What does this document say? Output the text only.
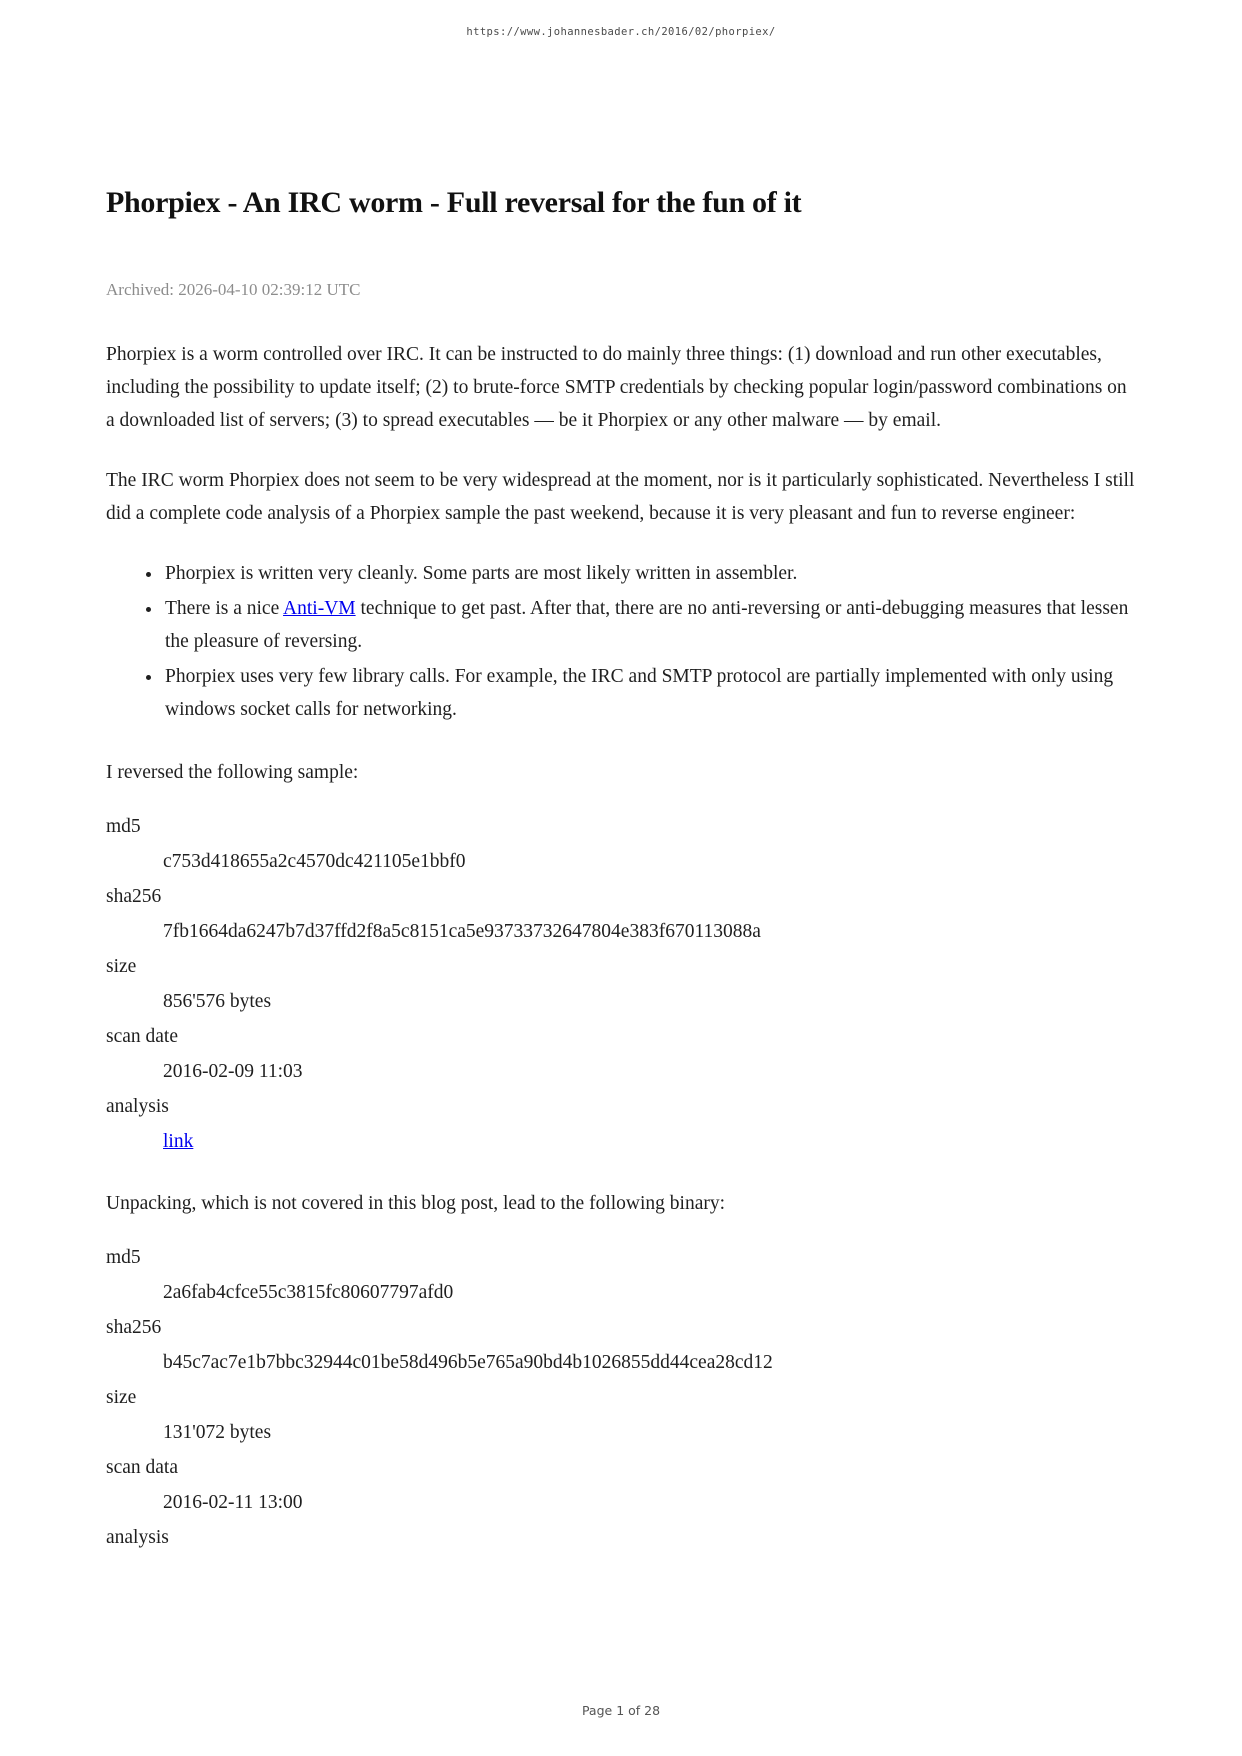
https://www.johannesbader.ch/2016/02/phorpiex/
Phorpiex - An IRC worm - Full reversal for the fun of it
Archived: 2026-04-10 02:39:12 UTC

Phorpiex is a worm controlled over IRC. It can be instructed to do mainly three things: (1) download and run other executables, including the possibility to update itself; (2) to brute-force SMTP credentials by checking popular login/password combinations on a downloaded list of servers; (3) to spread executables — be it Phorpiex or any other malware — by email.

The IRC worm Phorpiex does not seem to be very widespread at the moment, nor is it particularly sophisticated. Nevertheless I still did a complete code analysis of a Phorpiex sample the past weekend, because it is very pleasant and fun to reverse engineer:

• Phorpiex is written very cleanly. Some parts are most likely written in assembler.
• There is a nice Anti-VM technique to get past. After that, there are no anti-reversing or anti-debugging measures that lessen the pleasure of reversing.
• Phorpiex uses very few library calls. For example, the IRC and SMTP protocol are partially implemented with only using windows socket calls for networking.

I reversed the following sample:

md5
c753d418655a2c4570dc421105e1bbf0
sha256
7fb1664da6247b7d37ffd2f8a5c8151ca5e93733732647804e383f670113088a
size
856'576 bytes
scan date
2016-02-09 11:03
analysis
link

Unpacking, which is not covered in this blog post, lead to the following binary:

md5
2a6fab4cfce55c3815fc80607797afd0
sha256
b45c7ac7e1b7bbc32944c01be58d496b5e765a90bd4b1026855dd44cea28cd12
size
131'072 bytes
scan data
2016-02-11 13:00
analysis
Page 1 of 28
